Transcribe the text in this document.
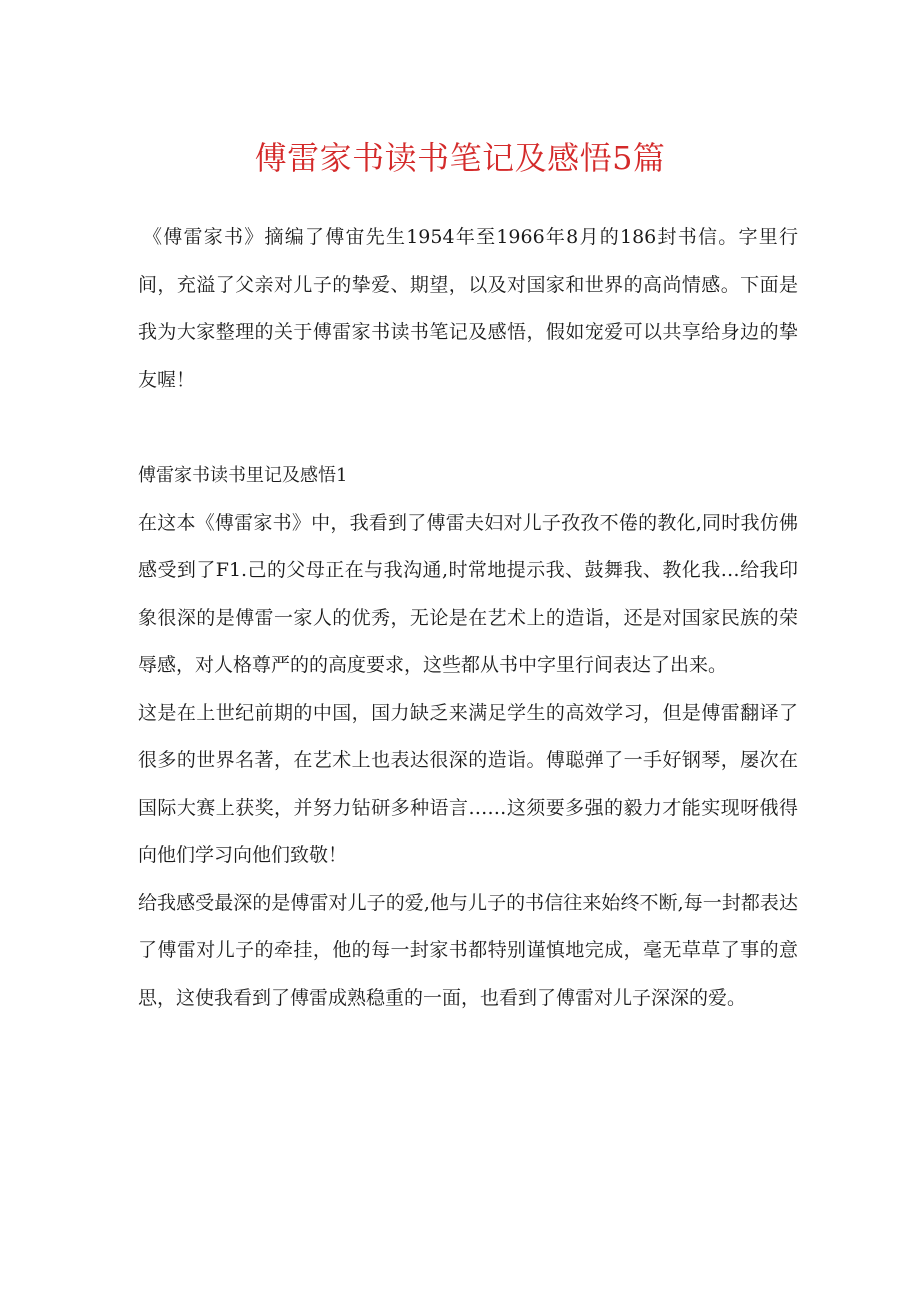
傅雷家书读书笔记及感悟5篇

《傅雷家书》摘编了傅宙先生1954年至1966年8月的186封书信。字里行间，充溢了父亲对儿子的挚爱、期望，以及对国家和世界的高尚情感。下面是我为大家整理的关于傅雷家书读书笔记及感悟，假如宠爱可以共享给身边的挚友喔！

傅雷家书读书里记及感悟1

在这本《傅雷家书》中，我看到了傅雷夫妇对儿子孜孜不倦的教化,同时我仿佛感受到了F1.己的父母正在与我沟通,时常地提示我、鼓舞我、教化我…给我印象很深的是傅雷一家人的优秀，无论是在艺术上的造诣，还是对国家民族的荣辱感，对人格尊严的的高度要求，这些都从书中字里行间表达了出来。

这是在上世纪前期的中国，国力缺乏来满足学生的高效学习，但是傅雷翻译了很多的世界名著，在艺术上也表达很深的造诣。傅聪弹了一手好钢琴，屡次在国际大赛上获奖，并努力钻研多种语言……这须要多强的毅力才能实现呀俄得向他们学习向他们致敬！

给我感受最深的是傅雷对儿子的爱,他与儿子的书信往来始终不断,每一封都表达了傅雷对儿子的牵挂，他的每一封家书都特别谨慎地完成，毫无草草了事的意思，这使我看到了傅雷成熟稳重的一面，也看到了傅雷对儿子深深的爱。
